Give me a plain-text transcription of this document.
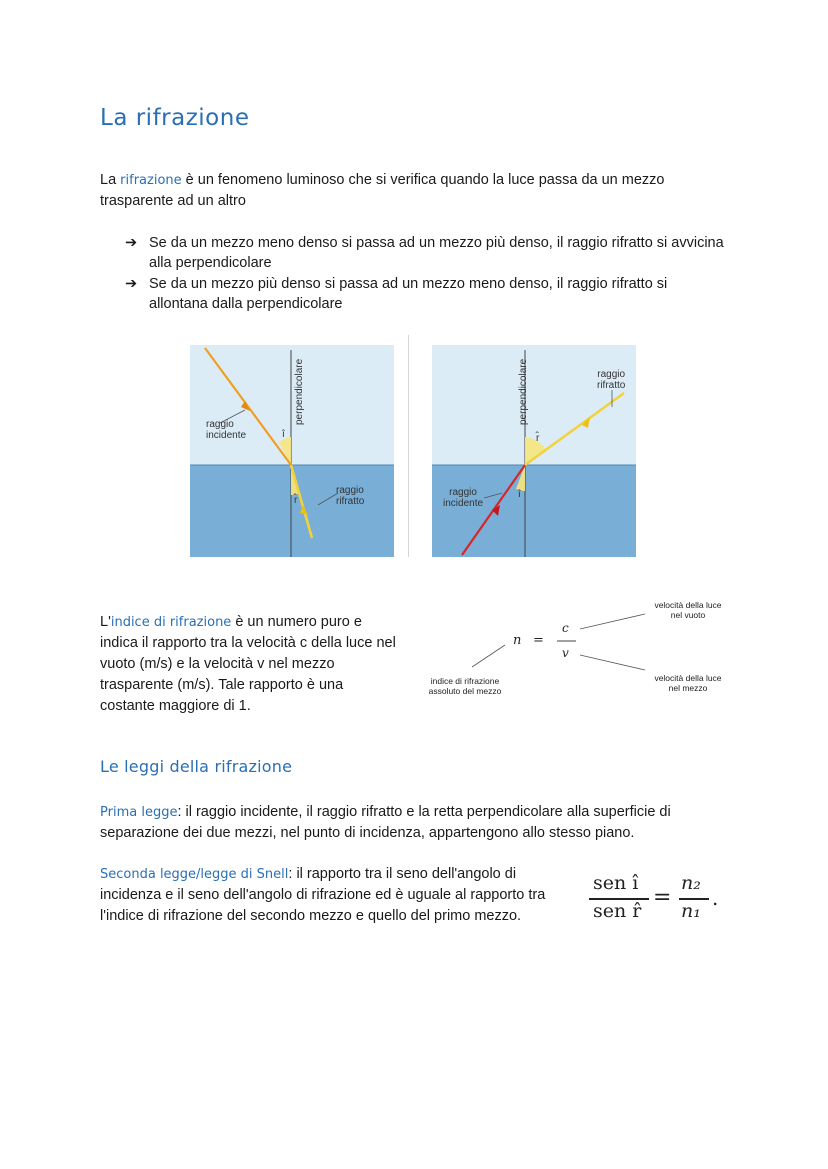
La rifrazione
La rifrazione è un fenomeno luminoso che si verifica quando la luce passa da un mezzo trasparente ad un altro
➔ Se da un mezzo meno denso si passa ad un mezzo più denso, il raggio rifratto si avvicina alla perpendicolare
➔ Se da un mezzo più denso si passa ad un mezzo meno denso, il raggio rifratto si allontana dalla perpendicolare
perpendicolare
raggio
incidente
raggio
rifratto
î
r̂
perpendicolare	raggio
rifratto
raggio
incidente
r̂
î
L'indice di rifrazione è un numero puro e indica il rapporto tra la velocità c della luce nel vuoto (m/s) e la velocità v nel mezzo trasparente (m/s). Tale rapporto è una costante maggiore di 1.
n =
c
v
velocità della luce
nel vuoto
velocità della luce
nel mezzo
indice di rifrazione
assoluto del mezzo
Le leggi della rifrazione
Prima legge: il raggio incidente, il raggio rifratto e la retta perpendicolare alla superficie di separazione dei due mezzi, nel punto di incidenza, appartengono allo stesso piano.
Seconda legge/legge di Snell: il rapporto tra il seno dell'angolo di incidenza e il seno dell'angolo di rifrazione ed è uguale al rapporto tra l'indice di rifrazione del secondo mezzo e quello del primo mezzo.
sen î
sen r̂
=
n₂
n₁
.
